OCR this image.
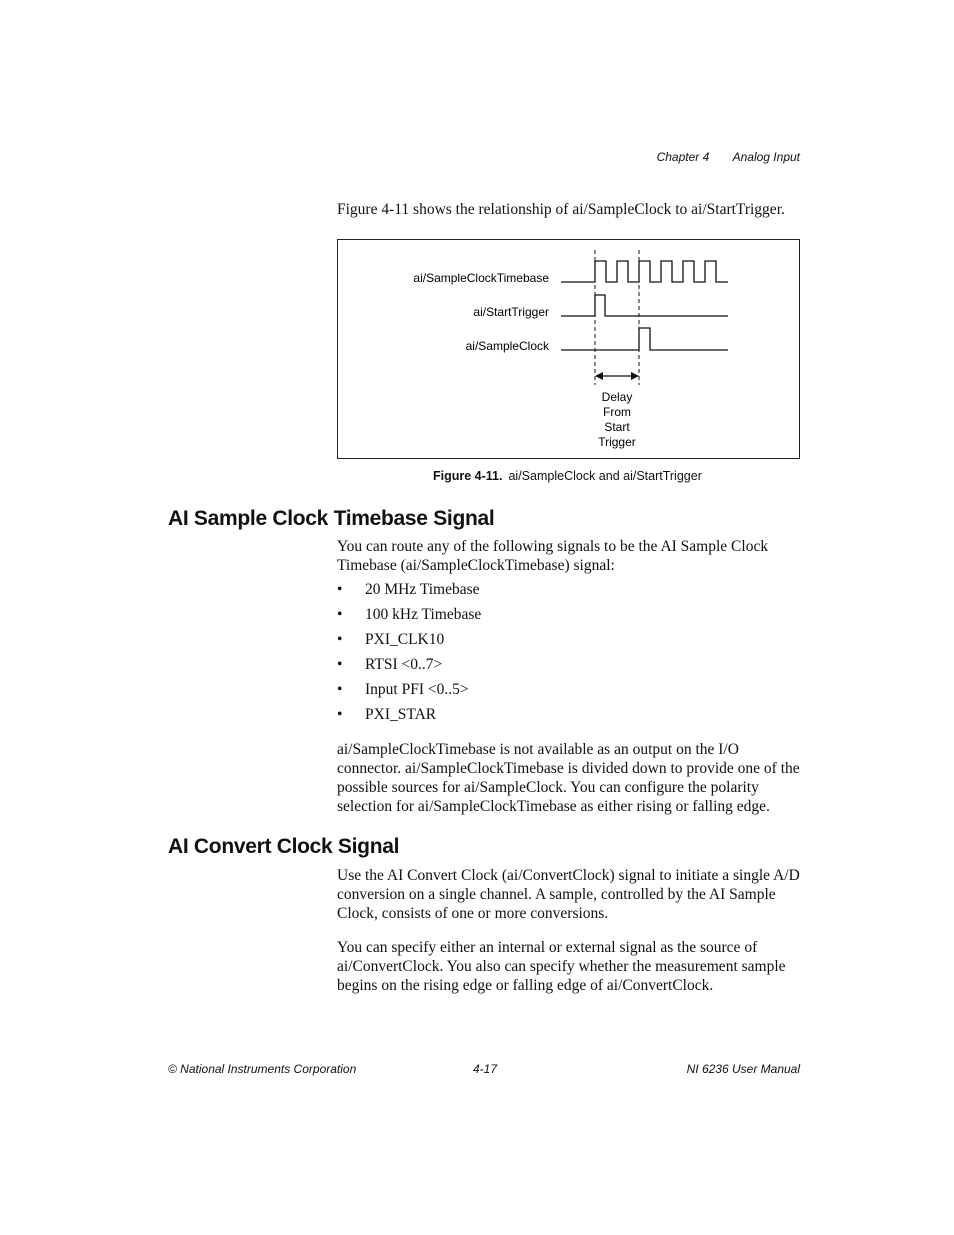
Chapter 4 Analog Input
Figure 4-11 shows the relationship of ai/SampleClock to ai/StartTrigger.
ai/SampleClockTimebase
ai/StartTrigger
ai/SampleClock
Delay
From
Start
Trigger
Figure 4-11. ai/SampleClock and ai/StartTrigger
AI Sample Clock Timebase Signal

You can route any of the following signals to be the AI Sample Clock Timebase (ai/SampleClockTimebase) signal:

• 20 MHz Timebase
• 100 kHz Timebase
• PXI_CLK10
• RTSI <0..7>
• Input PFI <0..5>
• PXI_STAR

ai/SampleClockTimebase is not available as an output on the I/O connector. ai/SampleClockTimebase is divided down to provide one of the possible sources for ai/SampleClock. You can configure the polarity selection for ai/SampleClockTimebase as either rising or falling edge.

AI Convert Clock Signal

Use the AI Convert Clock (ai/ConvertClock) signal to initiate a single A/D conversion on a single channel. A sample, controlled by the AI Sample Clock, consists of one or more conversions.

You can specify either an internal or external signal as the source of ai/ConvertClock. You also can specify whether the measurement sample begins on the rising edge or falling edge of ai/ConvertClock.

© National Instruments Corporation	4-17	NI 6236 User Manual
